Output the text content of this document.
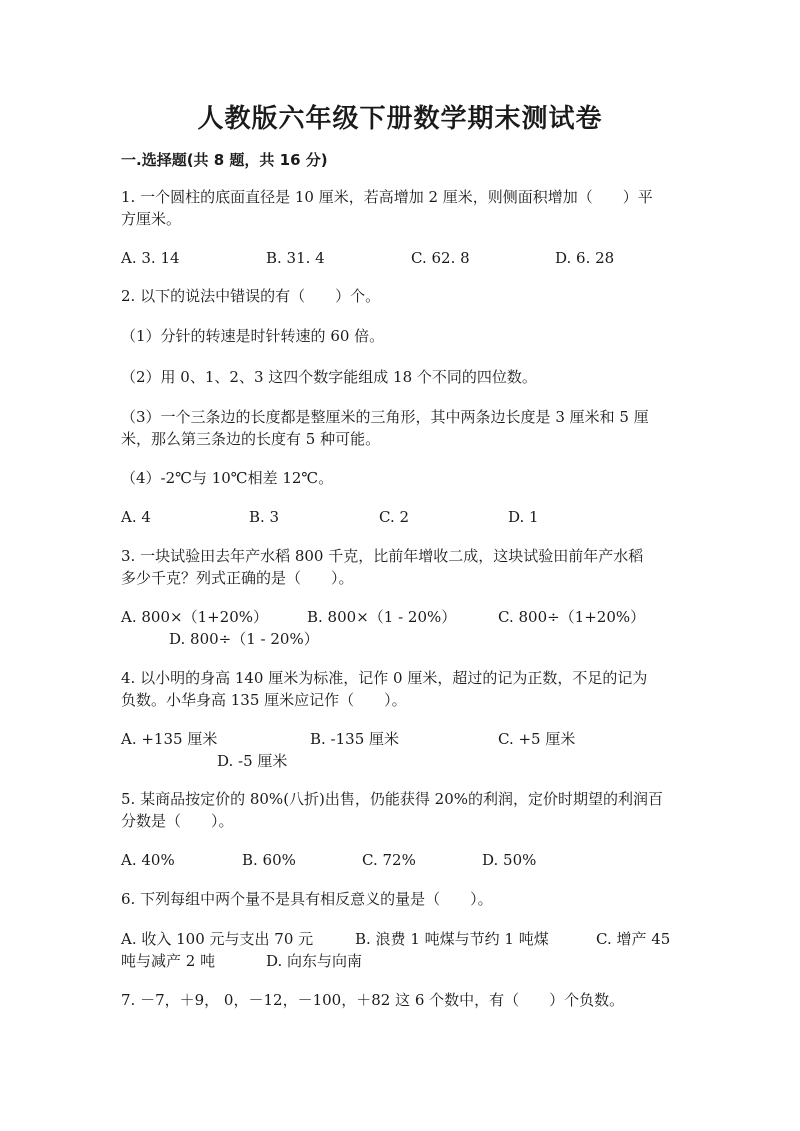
人教版六年级下册数学期末测试卷
一.选择题(共 8 题，共 16 分)
1. 一个圆柱的底面直径是 10 厘米，若高增加 2 厘米，则侧面积增加（　　）平
方厘米。
A. 3. 14	B. 31. 4	C. 62. 8	D. 6. 28
2. 以下的说法中错误的有（　　）个。
（1）分针的转速是时针转速的 60 倍。
（2）用 0、1、2、3 这四个数字能组成 18 个不同的四位数。
（3）一个三条边的长度都是整厘米的三角形，其中两条边长度是 3 厘米和 5 厘
米，那么第三条边的长度有 5 种可能。
（4）-2℃与 10℃相差 12℃。
A. 4	B. 3	C. 2	D. 1
3. 一块试验田去年产水稻 800 千克，比前年增收二成，这块试验田前年产水稻
多少千克？列式正确的是（　　）。
A. 800×（1+20%）	B. 800×（1 - 20%）	C. 800÷（1+20%）
D. 800÷（1 - 20%）
4. 以小明的身高 140 厘米为标准，记作 0 厘米，超过的记为正数，不足的记为
负数。小华身高 135 厘米应记作（　　）。
A. +135 厘米	B. -135 厘米	C. +5 厘米
D. -5 厘米
5. 某商品按定价的 80%(八折)出售，仍能获得 20%的利润，定价时期望的利润百
分数是（　　）。
A. 40%	B. 60%	C. 72%	D. 50%
6. 下列每组中两个量不是具有相反意义的量是（　　）。
A. 收入 100 元与支出 70 元	B. 浪费 1 吨煤与节约 1 吨煤	C. 增产 45
吨与减产 2 吨	D. 向东与向南
7. －7，＋9， 0，－12，－100，＋82 这 6 个数中，有（　　）个负数。
